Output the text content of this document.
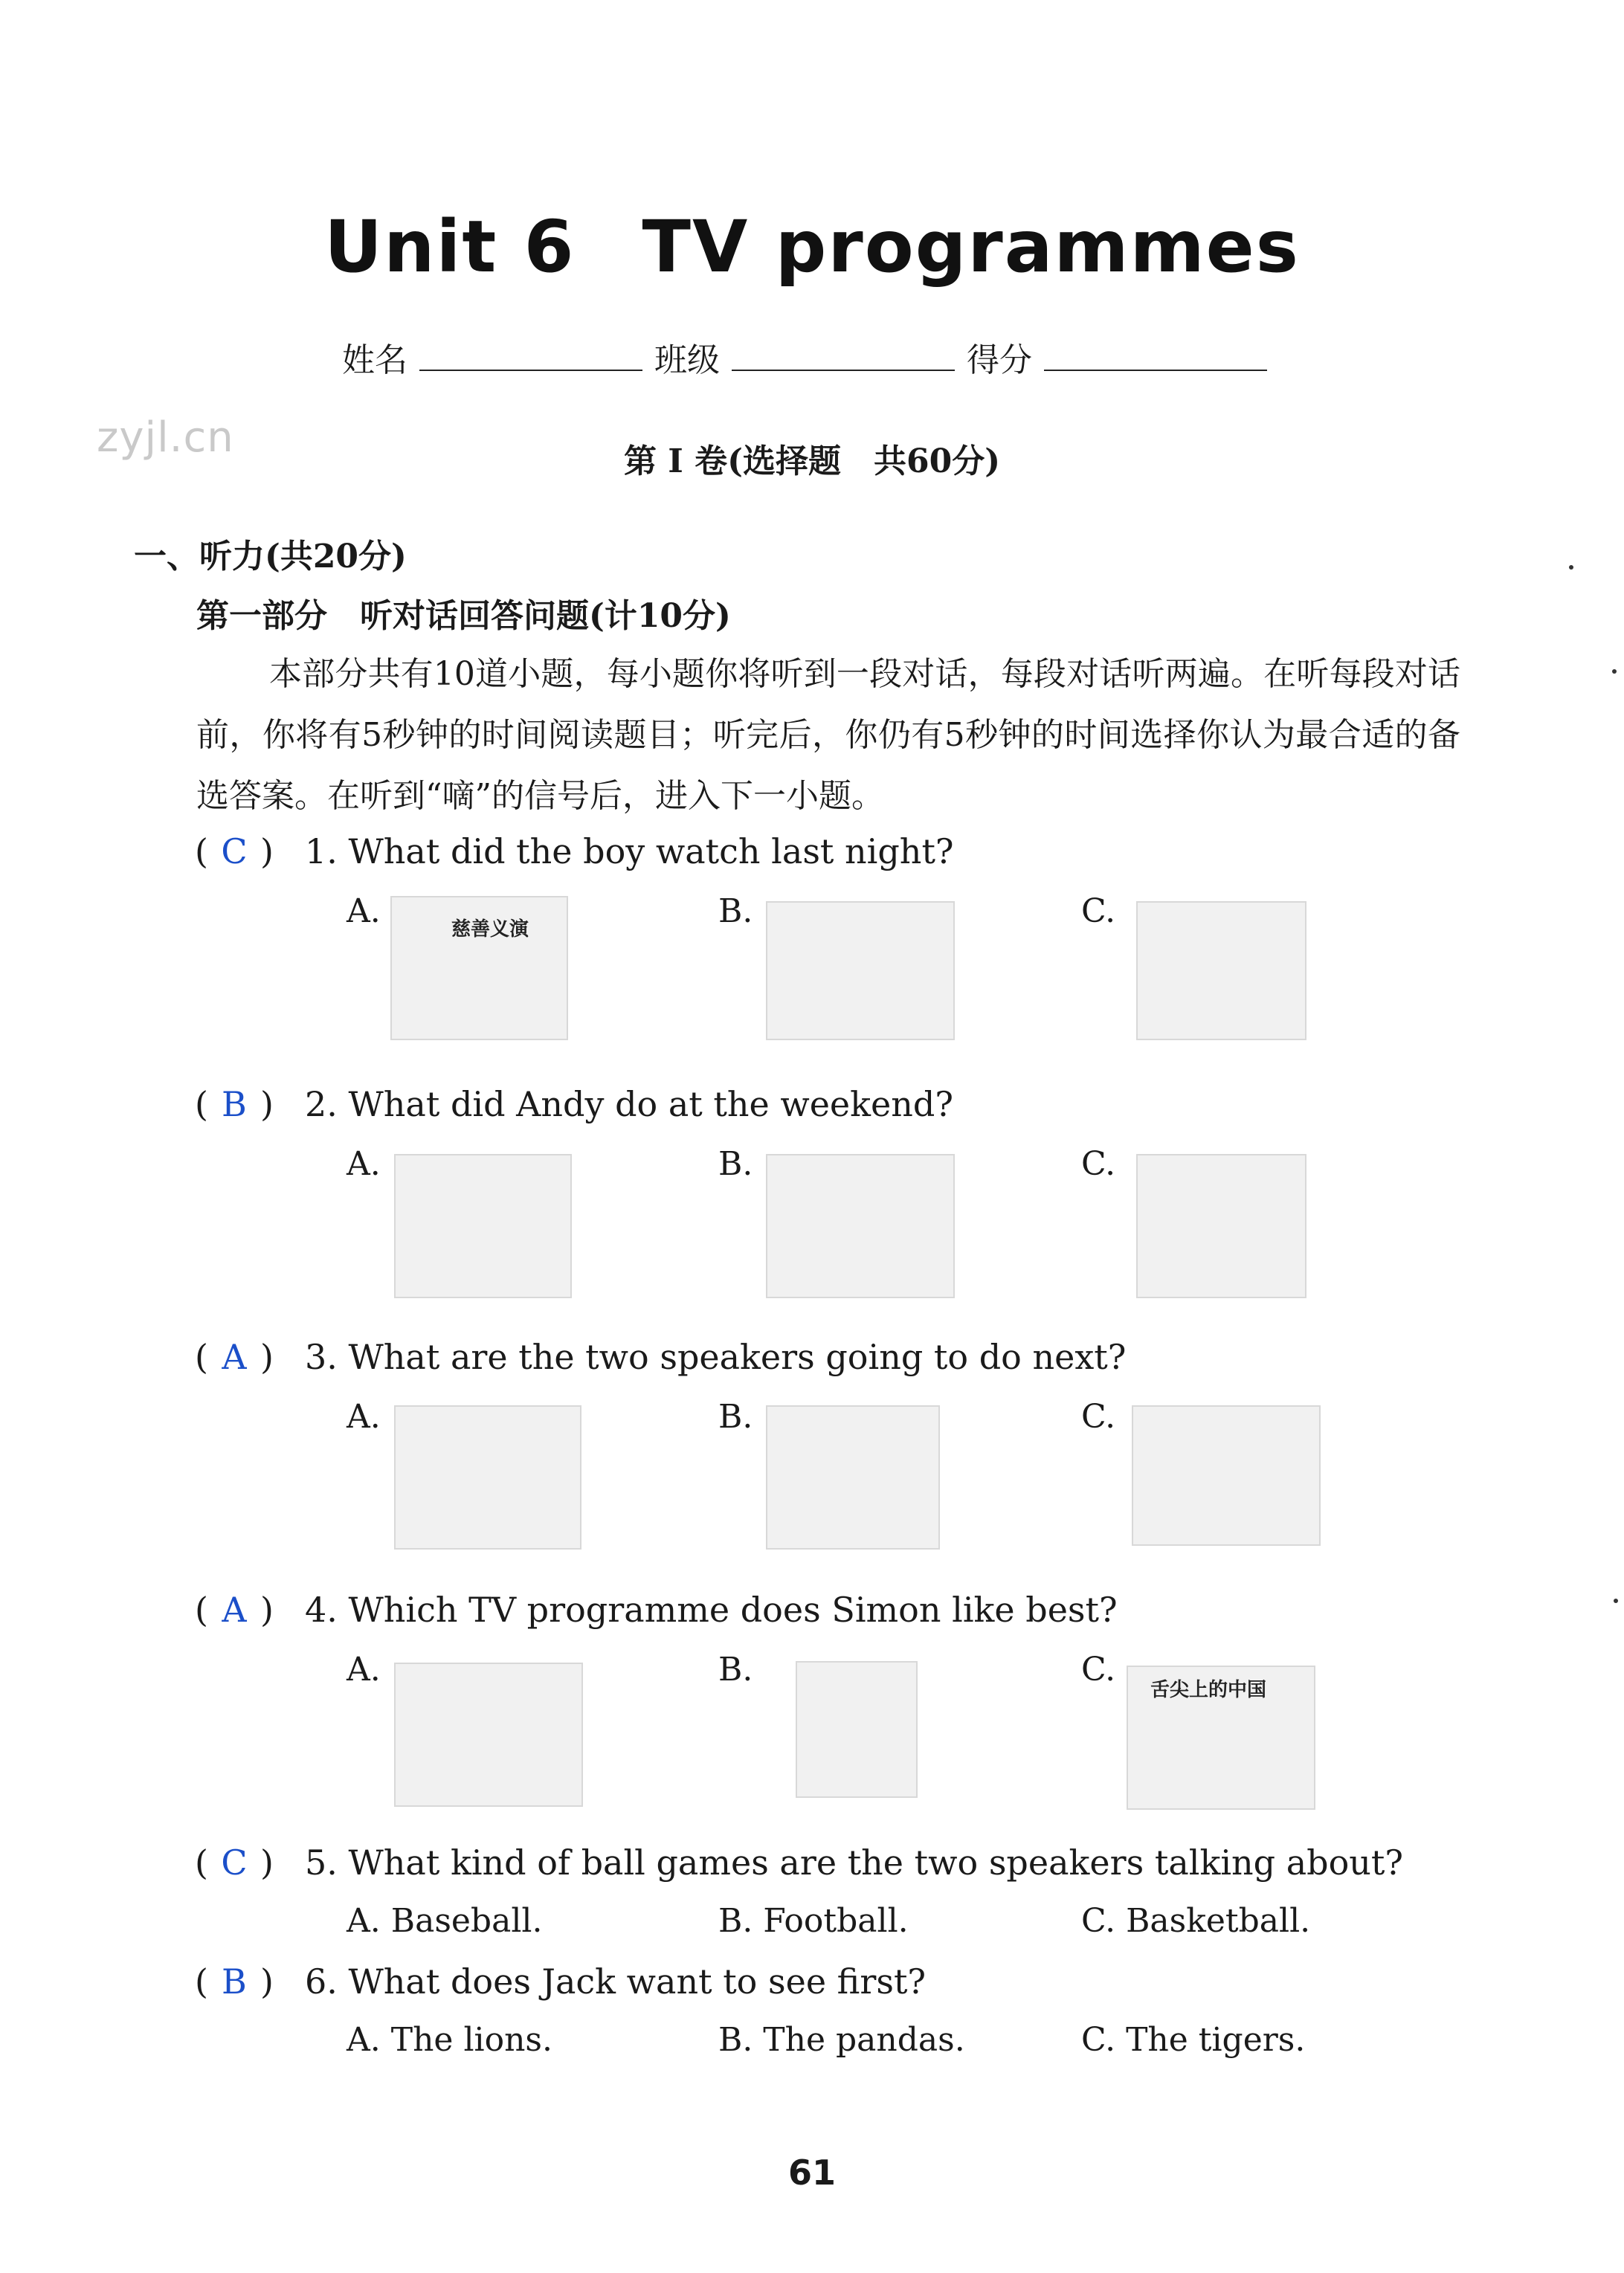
Unit 6 TV programmes
姓名	班级	得分
zyjl.cn	第 I 卷(选择题　共60分)
一、听力(共20分)
第一部分　听对话回答问题(计10分)
本部分共有10道小题，每小题你将听到一段对话，每段对话听两遍。在听每段对话前，你将有5秒钟的时间阅读题目；听完后，你仍有5秒钟的时间选择你认为最合适的备选答案。在听到“嘀”的信号后，进入下一小题。
( C ) 1. What did the boy watch last night?
A.	B.	C.
慈善义演
( B ) 2. What did Andy do at the weekend?
A.	B.	C.
( A ) 3. What are the two speakers going to do next?
A.	B.	C.
( A ) 4. Which TV programme does Simon like best?
A.	B.	C.
舌尖上的中国
( C ) 5. What kind of ball games are the two speakers talking about?
A. Baseball.	B. Football.	C. Basketball.
( B ) 6. What does Jack want to see first?
A. The lions.	B. The pandas.	C. The tigers.
61
